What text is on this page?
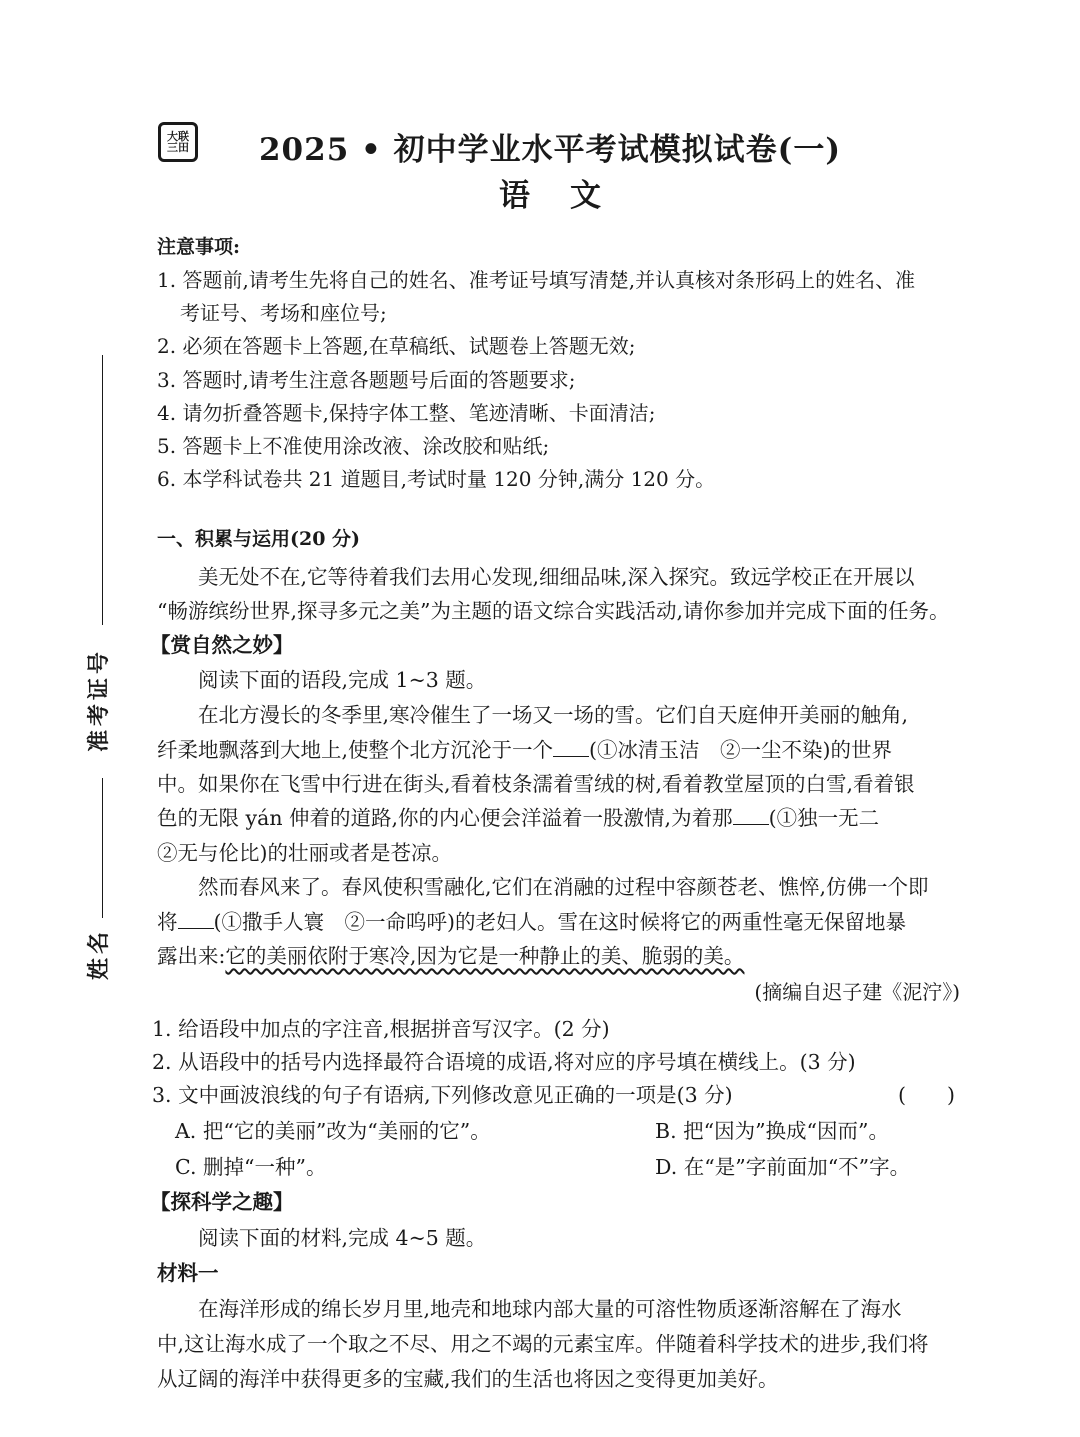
大联三田	2025 • 初中学业水平考试模拟试卷(一)
语文
准考证号
姓名
注意事项:
1. 答题前,请考生先将自己的姓名、准考证号填写清楚,并认真核对条形码上的姓名、准
考证号、考场和座位号;
2. 必须在答题卡上答题,在草稿纸、试题卷上答题无效;
3. 答题时,请考生注意各题题号后面的答题要求;
4. 请勿折叠答题卡,保持字体工整、笔迹清晰、卡面清洁;
5. 答题卡上不准使用涂改液、涂改胶和贴纸;
6. 本学科试卷共 21 道题目,考试时量 120 分钟,满分 120 分。
一、积累与运用(20 分)
美无处不在,它等待着我们去用心发现,细细品味,深入探究。致远学校正在开展以
“畅游缤纷世界,探寻多元之美”为主题的语文综合实践活动,请你参加并完成下面的任务。
【赏自然之妙】
阅读下面的语段,完成 1~3 题。
在北方漫长的冬季里,寒冷催生了一场又一场的雪。它们自天庭伸开美丽的触角,
纤柔地飘落到大地上,使整个北方沉沦于一个 (①冰清玉洁　②一尘不染)的世界
中。如果你在飞雪中行进在街头,看着枝条濡着雪绒的树,看着教堂屋顶的白雪,看着银
色的无限 yán 伸着的道路,你的内心便会洋溢着一股激情,为着那 (①独一无二
②无与伦比)的壮丽或者是苍凉。
然而春风来了。春风使积雪融化,它们在消融的过程中容颜苍老、憔悴,仿佛一个即
将 (①撒手人寰　②一命呜呼)的老妇人。雪在这时候将它的两重性毫无保留地暴
露出来:它的美丽依附于寒冷,因为它是一种静止的美、脆弱的美。
(摘编自迟子建《泥泞》)
1. 给语段中加点的字注音,根据拼音写汉字。(2 分)
2. 从语段中的括号内选择最符合语境的成语,将对应的序号填在横线上。(3 分)
3. 文中画波浪线的句子有语病,下列修改意见正确的一项是(3 分)	(　　)
A. 把“它的美丽”改为“美丽的它”。	B. 把“因为”换成“因而”。
C. 删掉“一种”。	D. 在“是”字前面加“不”字。
【探科学之趣】
阅读下面的材料,完成 4~5 题。
材料一
在海洋形成的绵长岁月里,地壳和地球内部大量的可溶性物质逐渐溶解在了海水
中,这让海水成了一个取之不尽、用之不竭的元素宝库。伴随着科学技术的进步,我们将
从辽阔的海洋中获得更多的宝藏,我们的生活也将因之变得更加美好。
